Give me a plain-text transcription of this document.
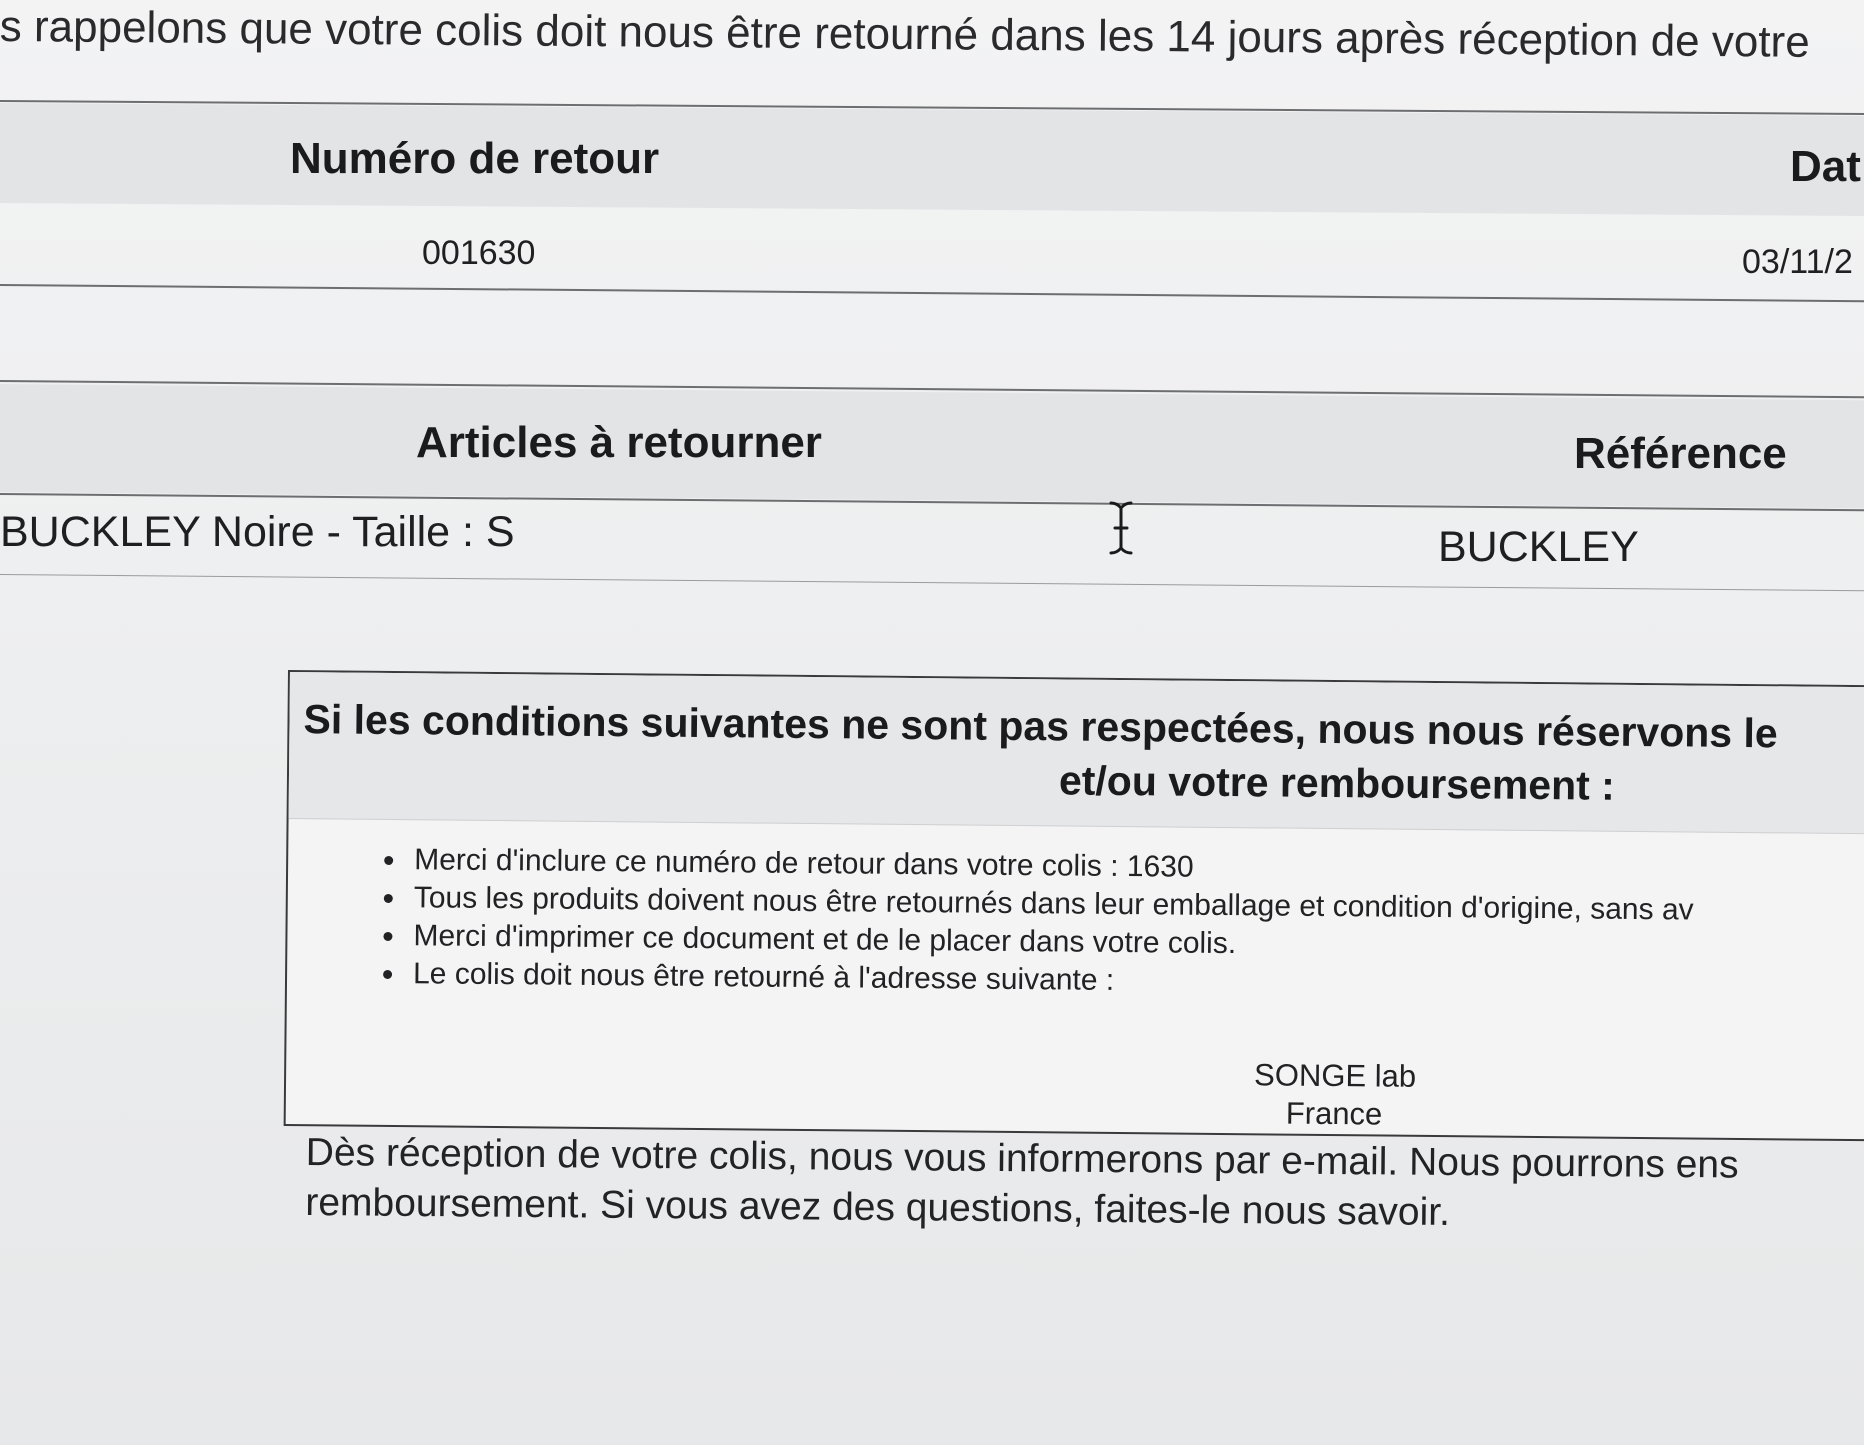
s rappelons que votre colis doit nous être retourné dans les 14 jours après réception de votre
Numéro de retour	Dat
001630	03/11/2
Articles à retourner	Référence
BUCKLEY Noire - Taille : S	BUCKLEY
Si les conditions suivantes ne sont pas respectées, nous nous réservons le
et/ou votre remboursement :
Merci d'inclure ce numéro de retour dans votre colis : 1630
Tous les produits doivent nous être retournés dans leur emballage et condition d'origine, sans av
Merci d'imprimer ce document et de le placer dans votre colis.
Le colis doit nous être retourné à l'adresse suivante :
SONGE lab
France
Dès réception de votre colis, nous vous informerons par e-mail. Nous pourrons ens
remboursement. Si vous avez des questions, faites-le nous savoir.
